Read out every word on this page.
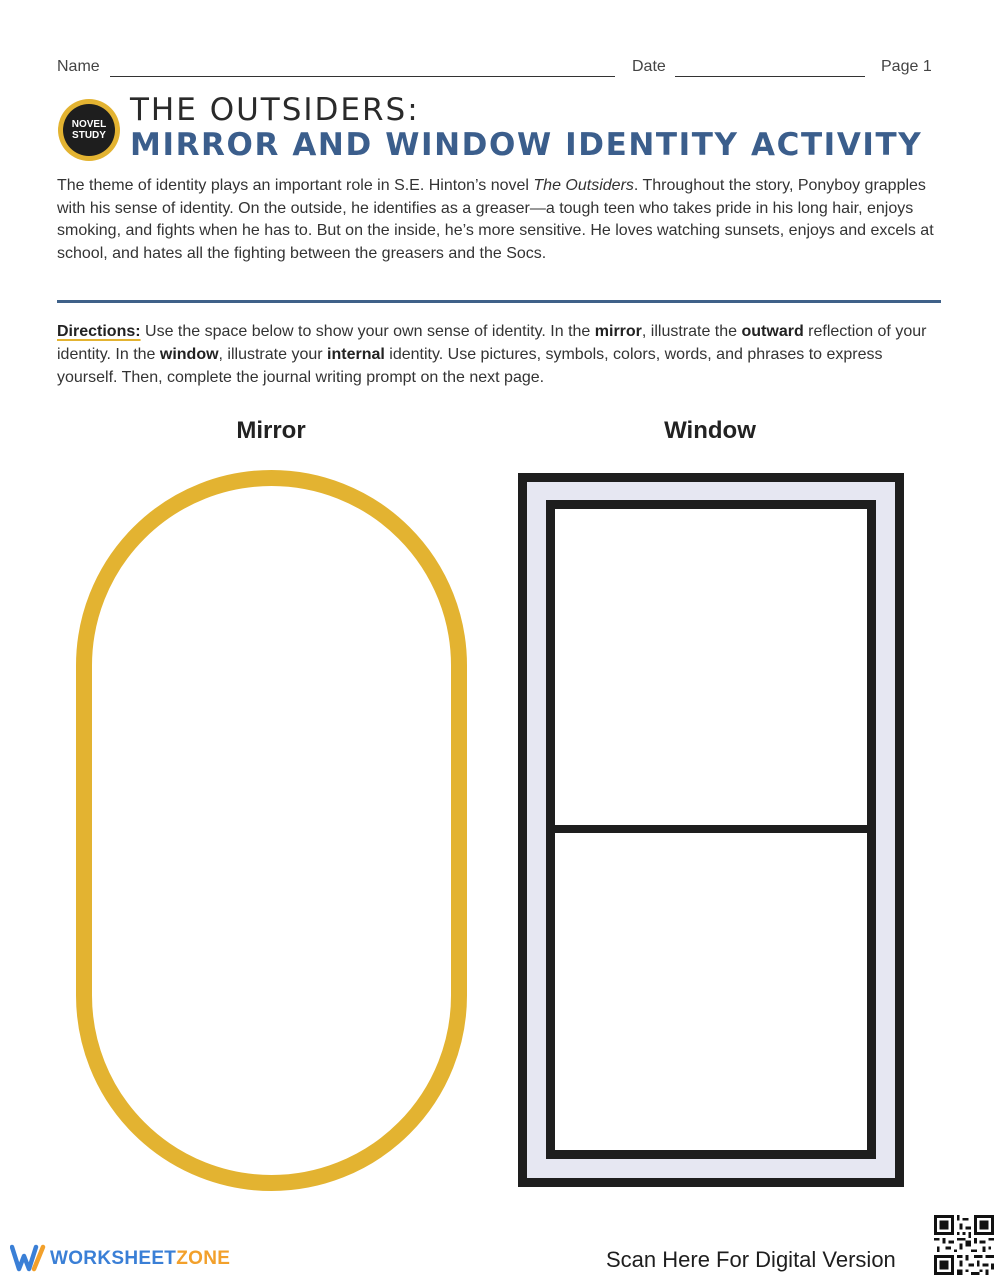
Name	Date	Page 1
NOVEL
STUDY
THE OUTSIDERS:
MIRROR AND WINDOW IDENTITY ACTIVITY

The theme of identity plays an important role in S.E. Hinton’s novel The Outsiders. Throughout the story, Ponyboy grapples with his sense of identity. On the outside, he identifies as a greaser—a tough teen who takes pride in his long hair, enjoys smoking, and fights when he has to. But on the inside, he’s more sensitive. He loves watching sunsets, enjoys and excels at school, and hates all the fighting between the greasers and the Socs.

Directions: Use the space below to show your own sense of identity. In the mirror, illustrate the outward reflection of your identity. In the window, illustrate your internal identity. Use pictures, symbols, colors, words, and phrases to express yourself. Then, complete the journal writing prompt on the next page.

Mirror	Window
WORKSHEETZONE	Scan Here For Digital Version
